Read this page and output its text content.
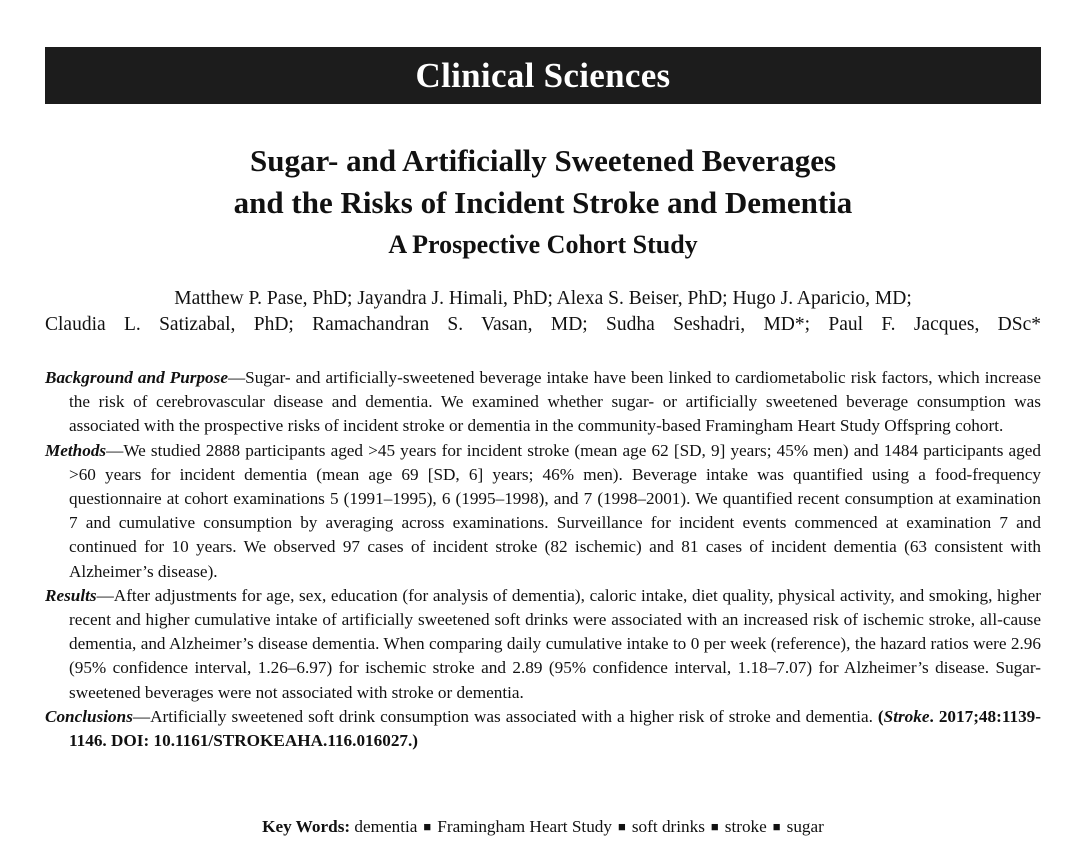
Clinical Sciences
Sugar- and Artificially Sweetened Beverages
and the Risks of Incident Stroke and Dementia
A Prospective Cohort Study
Matthew P. Pase, PhD; Jayandra J. Himali, PhD; Alexa S. Beiser, PhD; Hugo J. Aparicio, MD;
Claudia L. Satizabal, PhD; Ramachandran S. Vasan, MD; Sudha Seshadri, MD*; Paul F. Jacques, DSc*

Background and Purpose—Sugar- and artificially-sweetened beverage intake have been linked to cardiometabolic risk factors, which increase the risk of cerebrovascular disease and dementia. We examined whether sugar- or artificially sweetened beverage consumption was associated with the prospective risks of incident stroke or dementia in the community-based Framingham Heart Study Offspring cohort.

Methods—We studied 2888 participants aged >45 years for incident stroke (mean age 62 [SD, 9] years; 45% men) and 1484 participants aged >60 years for incident dementia (mean age 69 [SD, 6] years; 46% men). Beverage intake was quantified using a food-frequency questionnaire at cohort examinations 5 (1991–1995), 6 (1995–1998), and 7 (1998–2001). We quantified recent consumption at examination 7 and cumulative consumption by averaging across examinations. Surveillance for incident events commenced at examination 7 and continued for 10 years. We observed 97 cases of incident stroke (82 ischemic) and 81 cases of incident dementia (63 consistent with Alzheimer’s disease).

Results—After adjustments for age, sex, education (for analysis of dementia), caloric intake, diet quality, physical activity, and smoking, higher recent and higher cumulative intake of artificially sweetened soft drinks were associated with an increased risk of ischemic stroke, all-cause dementia, and Alzheimer’s disease dementia. When comparing daily cumulative intake to 0 per week (reference), the hazard ratios were 2.96 (95% confidence interval, 1.26–6.97) for ischemic stroke and 2.89 (95% confidence interval, 1.18–7.07) for Alzheimer’s disease. Sugar-sweetened beverages were not associated with stroke or dementia.

Conclusions—Artificially sweetened soft drink consumption was associated with a higher risk of stroke and dementia. (Stroke. 2017;48:1139-1146. DOI: 10.1161/STROKEAHA.116.016027.)

Key Words: dementia ■ Framingham Heart Study ■ soft drinks ■ stroke ■ sugar
